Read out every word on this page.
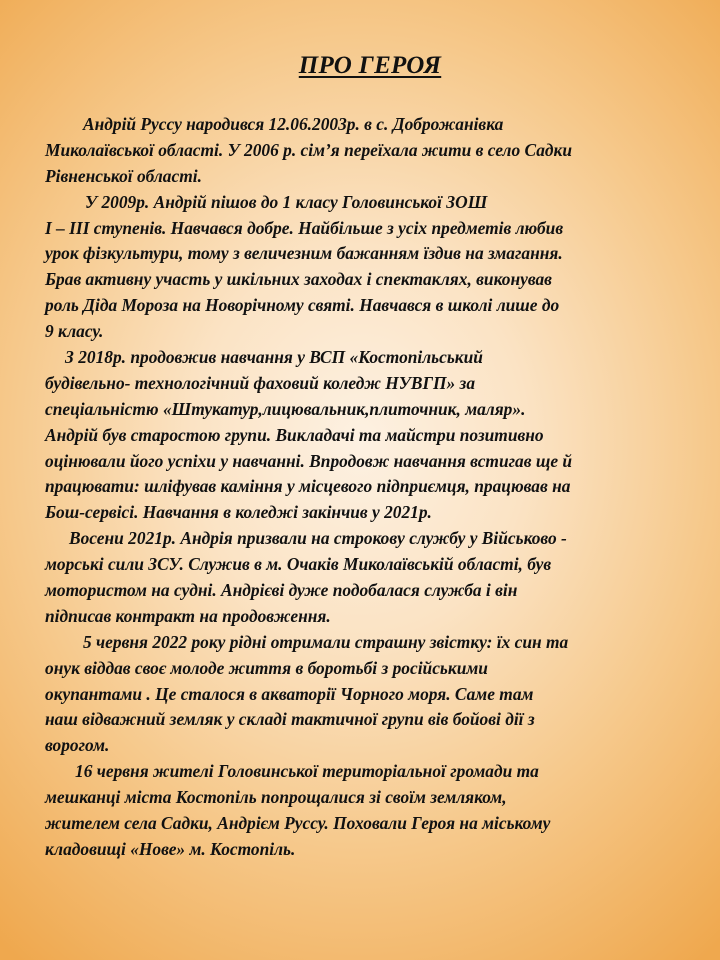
ПРО ГЕРОЯ
Андрій Руссу народився 12.06.2003р. в с. Доброжанівка
Миколаївської області. У 2006 р. сім’я переїхала жити в село Садки
Рівненської області.
У 2009р. Андрій пішов до 1 класу Головинської ЗОШ
І – ІІІ ступенів. Навчався добре. Найбільше з усіх предметів любив
урок фізкультури, тому з величезним бажанням їздив на змагання.
Брав активну участь у шкільних заходах і спектаклях, виконував
роль Діда Мороза на Новорічному святі. Навчався в школі лише до
9 класу.
З 2018р. продовжив навчання у ВСП «Костопільський
будівельно- технологічний фаховий коледж НУВГП» за
спеціальністю «Штукатур,лицювальник,плиточник, маляр».
Андрій був старостою групи. Викладачі та майстри позитивно
оцінювали його успіхи у навчанні. Впродовж навчання встигав ще й
працювати: шліфував каміння у місцевого підприємця, працював на
Бош-сервісі. Навчання в коледжі закінчив у 2021р.
Восени 2021р. Андрія призвали на строкову службу у Військово -
морські сили ЗСУ. Служив в м. Очаків Миколаївській області, був
мотористом на судні. Андрієві дуже подобалася служба і він
підписав контракт на продовження.
5 червня 2022 року рідні отримали страшну звістку: їх син та
онук віддав своє молоде життя в боротьбі з російськими
окупантами . Це сталося в акваторії Чорного моря. Саме там
наш відважний земляк у складі тактичної групи вів бойові дії з
ворогом.
16 червня жителі Головинської територіальної громади та
мешканці міста Костопіль попрощалися зі своїм земляком,
жителем села Садки, Андрієм Руссу. Поховали Героя на міському
кладовищі «Нове» м. Костопіль.
